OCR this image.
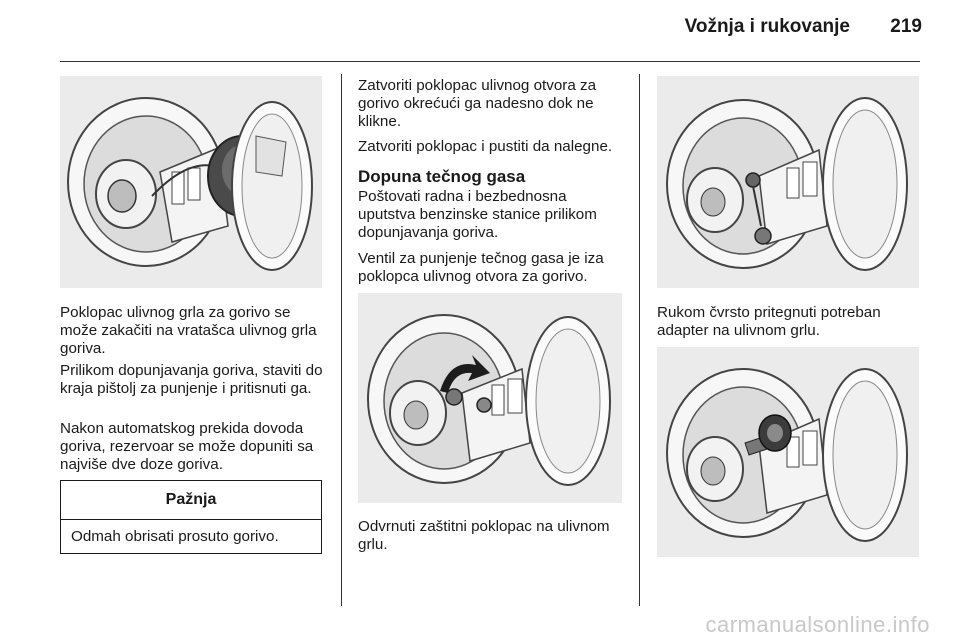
Vožnja i rukovanje	219

Poklopac ulivnog grla za gorivo se može zakačiti na vratašca ulivnog grla goriva.

Prilikom dopunjavanja goriva, staviti do kraja pištolj za punjenje i pritisnuti ga.

Nakon automatskog prekida dovoda goriva, rezervoar se može dopuniti sa najviše dve doze goriva.

Pažnja
Odmah obrisati prosuto gorivo.

Zatvoriti poklopac ulivnog otvora za gorivo okrećući ga nadesno dok ne klikne.

Zatvoriti poklopac i pustiti da nalegne.

Dopuna tečnog gasa

Poštovati radna i bezbednosna uputstva benzinske stanice prilikom dopunjavanja goriva.

Ventil za punjenje tečnog gasa je iza poklopca ulivnog otvora za gorivo.

Odvrnuti zaštitni poklopac na ulivnom grlu.

Rukom čvrsto pritegnuti potreban adapter na ulivnom grlu.

carmanualsonline.info
